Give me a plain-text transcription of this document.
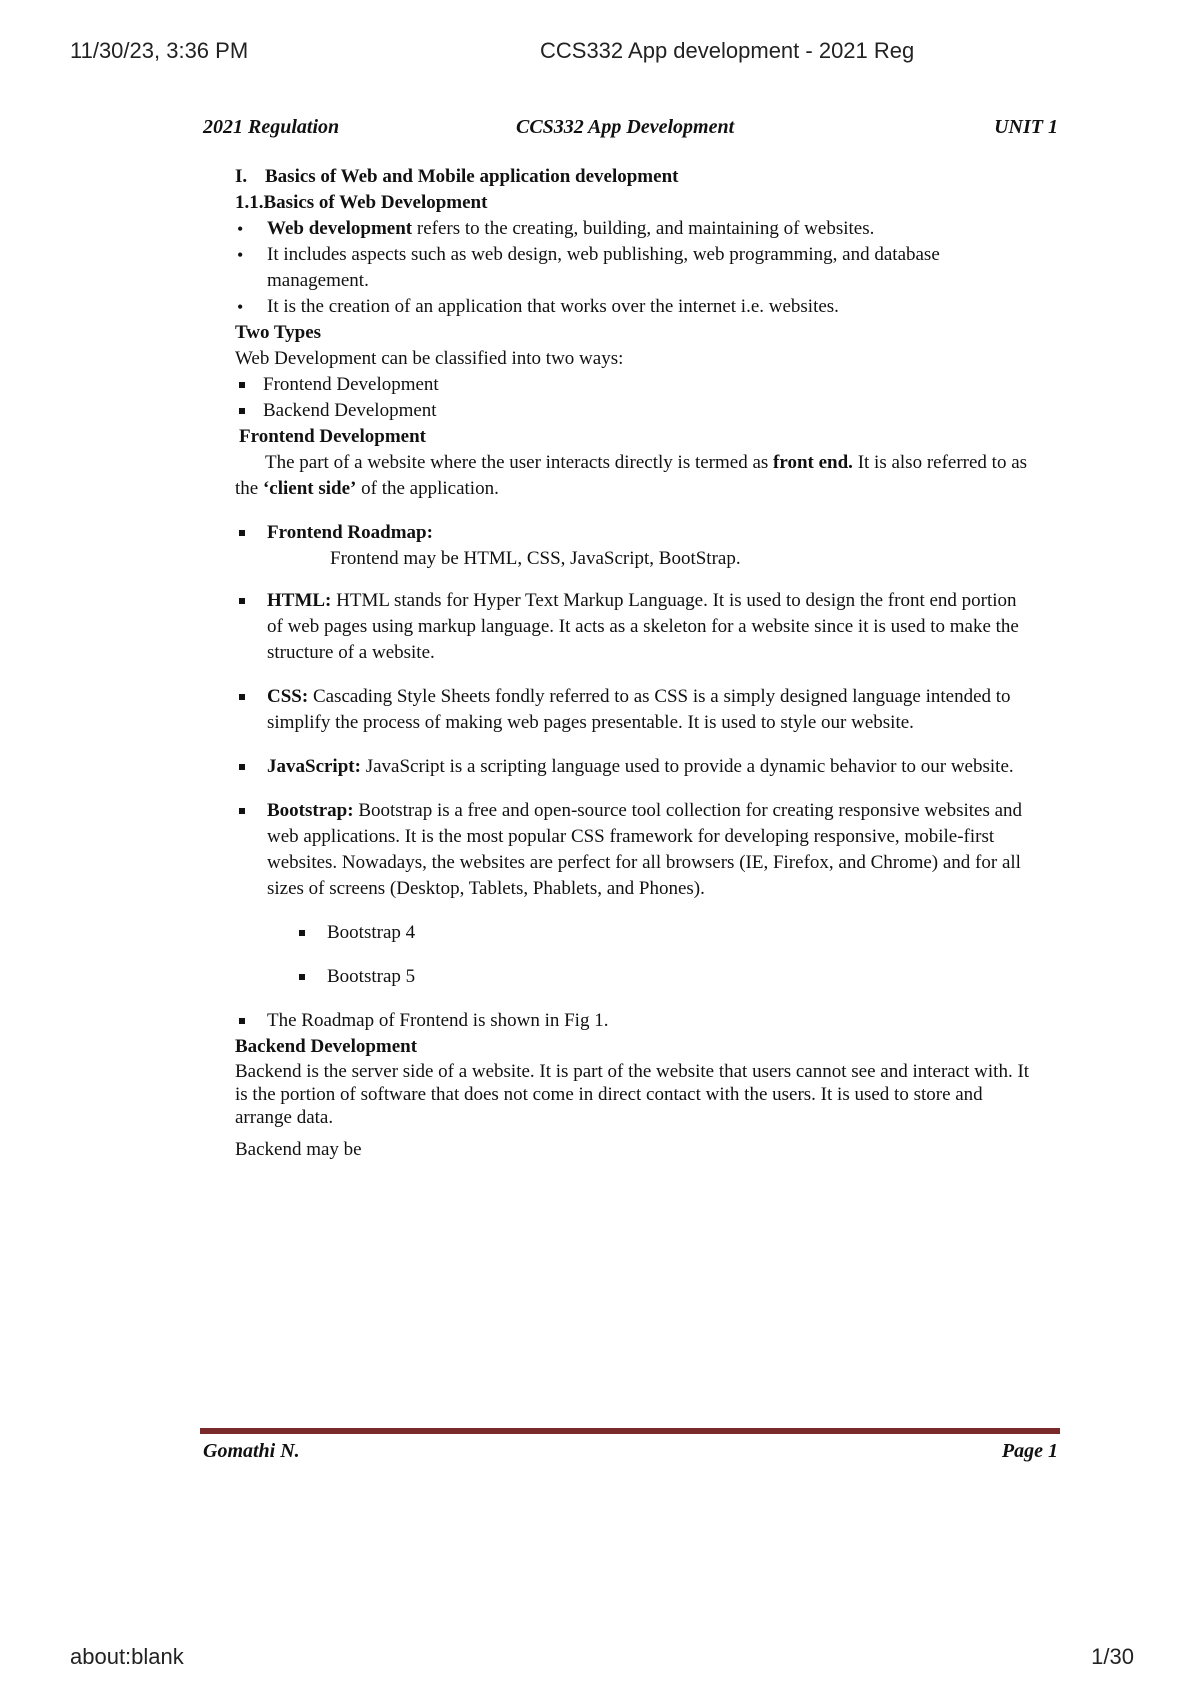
11/30/23, 3:36 PM	CCS332 App development - 2021 Reg
2021 Regulation	CCS332 App Development	UNIT 1

I. Basics of Web and Mobile application development

1.1.Basics of Web Development

• Web development refers to the creating, building, and maintaining of websites.
• It includes aspects such as web design, web publishing, web programming, and database management.
• It is the creation of an application that works over the internet i.e. websites.

Two Types

Web Development can be classified into two ways:

Frontend Development
Backend Development

Frontend Development

The part of a website where the user interacts directly is termed as front end. It is also referred to as the ‘client side’ of the application.

Frontend Roadmap:

Frontend may be HTML, CSS, JavaScript, BootStrap.

HTML: HTML stands for Hyper Text Markup Language. It is used to design the front end portion of web pages using markup language. It acts as a skeleton for a website since it is used to make the structure of a website.
CSS: Cascading Style Sheets fondly referred to as CSS is a simply designed language intended to simplify the process of making web pages presentable. It is used to style our website.
JavaScript: JavaScript is a scripting language used to provide a dynamic behavior to our website.
Bootstrap: Bootstrap is a free and open-source tool collection for creating responsive websites and web applications. It is the most popular CSS framework for developing responsive, mobile-first websites. Nowadays, the websites are perfect for all browsers (IE, Firefox, and Chrome) and for all sizes of screens (Desktop, Tablets, Phablets, and Phones).
Bootstrap 4
Bootstrap 5
The Roadmap of Frontend is shown in Fig 1.

Backend Development

Backend is the server side of a website. It is part of the website that users cannot see and interact with. It is the portion of software that does not come in direct contact with the users. It is used to store and arrange data.

Backend may be

Gomathi N.	Page 1
about:blank	1/30
